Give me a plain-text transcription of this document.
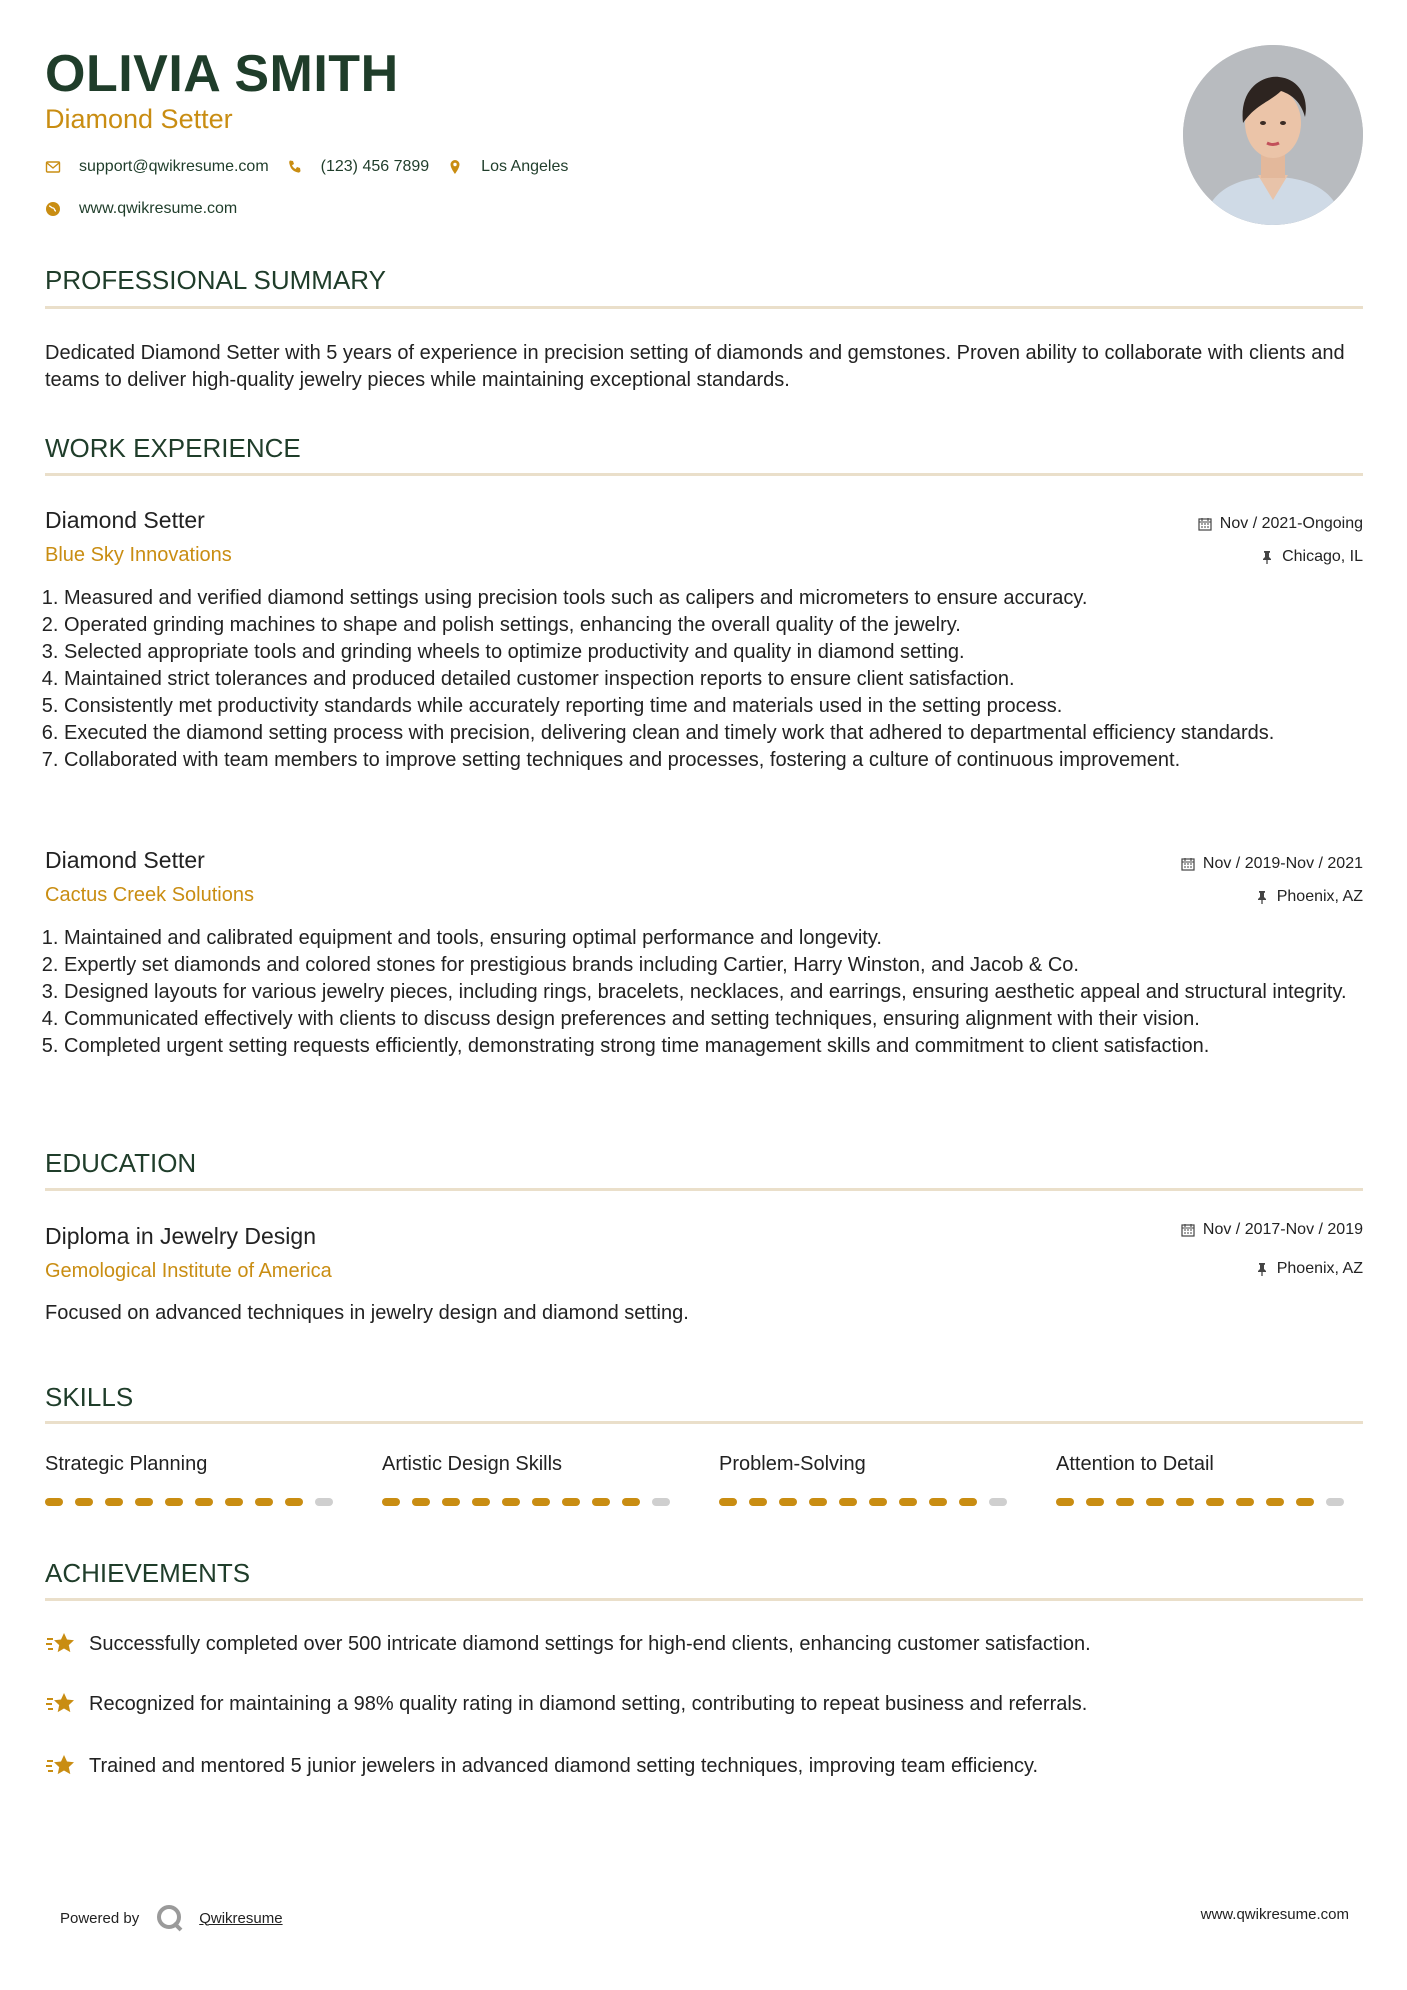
OLIVIA SMITH
Diamond Setter
support@qwikresume.com	(123) 456 7899	Los Angeles
www.qwikresume.com
PROFESSIONAL SUMMARY
Dedicated Diamond Setter with 5 years of experience in precision setting of diamonds and gemstones. Proven ability to collaborate with clients and teams to deliver high-quality jewelry pieces while maintaining exceptional standards.
WORK EXPERIENCE
Diamond Setter	Nov / 2021-Ongoing
Blue Sky Innovations	Chicago, IL
1. Measured and verified diamond settings using precision tools such as calipers and micrometers to ensure accuracy.
2. Operated grinding machines to shape and polish settings, enhancing the overall quality of the jewelry.
3. Selected appropriate tools and grinding wheels to optimize productivity and quality in diamond setting.
4. Maintained strict tolerances and produced detailed customer inspection reports to ensure client satisfaction.
5. Consistently met productivity standards while accurately reporting time and materials used in the setting process.
6. Executed the diamond setting process with precision, delivering clean and timely work that adhered to departmental efficiency standards.
7. Collaborated with team members to improve setting techniques and processes, fostering a culture of continuous improvement.
Diamond Setter	Nov / 2019-Nov / 2021
Cactus Creek Solutions	Phoenix, AZ
1. Maintained and calibrated equipment and tools, ensuring optimal performance and longevity.
2. Expertly set diamonds and colored stones for prestigious brands including Cartier, Harry Winston, and Jacob & Co.
3. Designed layouts for various jewelry pieces, including rings, bracelets, necklaces, and earrings, ensuring aesthetic appeal and structural integrity.
4. Communicated effectively with clients to discuss design preferences and setting techniques, ensuring alignment with their vision.
5. Completed urgent setting requests efficiently, demonstrating strong time management skills and commitment to client satisfaction.
EDUCATION
Diploma in Jewelry Design	Nov / 2017-Nov / 2019
Gemological Institute of America	Phoenix, AZ
Focused on advanced techniques in jewelry design and diamond setting.
SKILLS
Strategic Planning	Artistic Design Skills	Problem-Solving	Attention to Detail
ACHIEVEMENTS
Successfully completed over 500 intricate diamond settings for high-end clients, enhancing customer satisfaction.
Recognized for maintaining a 98% quality rating in diamond setting, contributing to repeat business and referrals.
Trained and mentored 5 junior jewelers in advanced diamond setting techniques, improving team efficiency.
Powered by	Qwikresume	www.qwikresume.com
